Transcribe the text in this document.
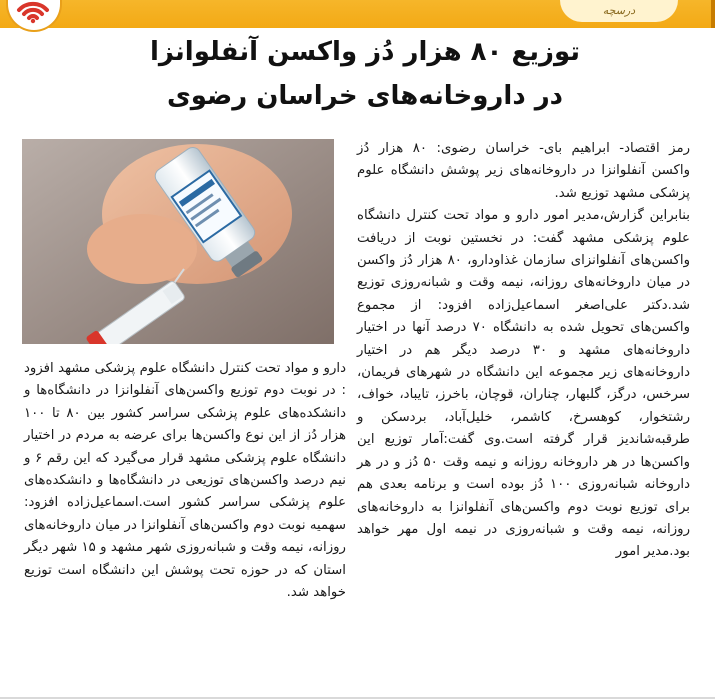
درسچه
توزیع ۸۰ هزار دُز واکسن آنفلوانزا
در داروخانه‌های خراسان رضوی

رمز اقتصاد- ابراهیم بای- خراسان رضوی: ۸۰ هزار دُز واکسن آنفلوانزا در داروخانه‌های زیر پوشش دانشگاه علوم پزشکی مشهد توزیع شد.

بنابراین گزارش،مدیر امور دارو و مواد تحت کنترل دانشگاه علوم پزشکی مشهد گفت: در نخستین نوبت از دریافت واکسن‌های آنفلوانزای سازمان غذاودارو، ۸۰ هزار دُز واکسن در میان داروخانه‌های روزانه، نیمه وقت و شبانه‌روزی توزیع شد.دکتر علی‌اصغر اسماعیل‌زاده افزود: از مجموع واکسن‌های تحویل شده به دانشگاه ۷۰ درصد آنها در اختیار داروخانه‌های مشهد و ۳۰ درصد دیگر هم در اختیار داروخانه‌های زیر مجموعه این دانشگاه در شهرهای فریمان، سرخس، درگز، گلبهار، چناران، قوچان، باخرز، تایباد، خواف، رشتخوار، کوهسرخ، کاشمر، خلیل‌آباد، بردسکن و طرقبه‌شاندیز قرار گرفته است.وی گفت:آمار توزیع این واکسن‌ها در هر داروخانه روزانه و نیمه وقت ۵۰ دُز و در هر داروخانه شبانه‌روزی ۱۰۰ دُز بوده است و برنامه بعدی هم برای توزیع نوبت دوم واکسن‌های آنفلوانزا به داروخانه‌های روزانه، نیمه وقت و شبانه‌روزی در نیمه اول مهر خواهد بود.مدیر امور

دارو و مواد تحت کنترل دانشگاه علوم پزشکی مشهد افزود : در نوبت دوم توزیع واکسن‌های آنفلوانزا در دانشگاه‌ها و دانشکده‌های علوم پزشکی سراسر کشور بین ۸۰ تا ۱۰۰ هزار دُز از این نوع واکسن‌ها برای عرضه به مردم در اختیار دانشگاه علوم پزشکی مشهد قرار می‌گیرد که این رقم ۶ و نیم درصد واکسن‌های توزیعی در دانشگاه‌ها و دانشکده‌های علوم پزشکی سراسر کشور است.اسماعیل‌زاده افزود: سهمیه نوبت دوم واکسن‌های آنفلوانزا در میان داروخانه‌های روزانه، نیمه وقت و شبانه‌روزی شهر مشهد و ۱۵ شهر دیگر استان که در حوزه تحت پوشش این دانشگاه است توزیع خواهد شد.
